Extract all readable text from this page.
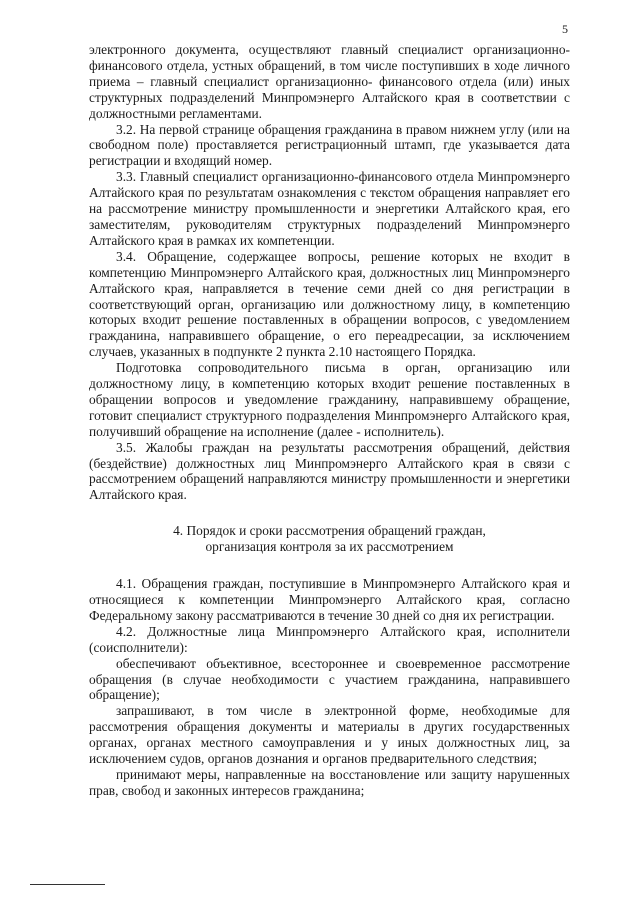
5

электронного документа, осуществляют главный специалист организационно-финансового отдела, устных обращений, в том числе поступивших в ходе личного приема – главный специалист организационно- финансового отдела (или) иных структурных подразделений Минпромэнерго Алтайского края в соответствии с должностными регламентами.

3.2. На первой странице обращения гражданина в правом нижнем углу (или на свободном поле) проставляется регистрационный штамп, где указывается дата регистрации и входящий номер.

3.3. Главный специалист организационно-финансового отдела Минпромэнерго Алтайского края по результатам ознакомления с текстом обращения направляет его на рассмотрение министру промышленности и энергетики Алтайского края, его заместителям, руководителям структурных подразделений Минпромэнерго Алтайского края в рамках их компетенции.

3.4. Обращение, содержащее вопросы, решение которых не входит в компетенцию Минпромэнерго Алтайского края, должностных лиц Минпромэнерго Алтайского края, направляется в течение семи дней со дня регистрации в соответствующий орган, организацию или должностному лицу, в компетенцию которых входит решение поставленных в обращении вопросов, с уведомлением гражданина, направившего обращение, о его переадресации, за исключением случаев, указанных в подпункте 2 пункта 2.10 настоящего Порядка.

Подготовка сопроводительного письма в орган, организацию или должностному лицу, в компетенцию которых входит решение поставленных в обращении вопросов и уведомление гражданину, направившему обращение, готовит специалист структурного подразделения Минпромэнерго Алтайского края, получивший обращение на исполнение (далее - исполнитель).

3.5. Жалобы граждан на результаты рассмотрения обращений, действия (бездействие) должностных лиц Минпромэнерго Алтайского края в связи с рассмотрением обращений направляются министру промышленности и энергетики Алтайского края.

4. Порядок и сроки рассмотрения обращений граждан,
организация контроля за их рассмотрением

4.1. Обращения граждан, поступившие в Минпромэнерго Алтайского края и относящиеся к компетенции Минпромэнерго Алтайского края, согласно Федеральному закону рассматриваются в течение 30 дней со дня их регистрации.

4.2. Должностные лица Минпромэнерго Алтайского края, исполнители (соисполнители):

обеспечивают объективное, всестороннее и своевременное рассмотрение обращения (в случае необходимости с участием гражданина, направившего обращение);

запрашивают, в том числе в электронной форме, необходимые для рассмотрения обращения документы и материалы в других государственных органах, органах местного самоуправления и у иных должностных лиц, за исключением судов, органов дознания и органов предварительного следствия;

принимают меры, направленные на восстановление или защиту нарушенных прав, свобод и законных интересов гражданина;
